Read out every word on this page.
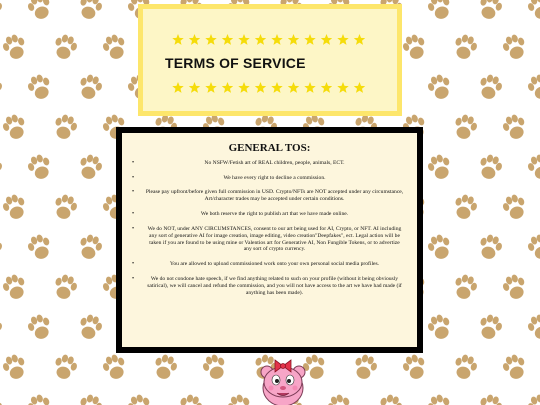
TERMS OF SERVICE
GENERAL TOS:
•	No NSFW/Fetish art of REAL children, people, animals, ECT.
•	We have every right to decline a commission.
• Please pay upfront/before given full commission in USD. Crypto/NFTs are NOT accepted under any circumstance, Art/character trades may be accepted under certain conditions.
•	We both reserve the right to publish art that we have made online.
• We do NOT, under ANY CIRCUMSTANCES, consent to our art being used for AI, Crypto, or NFT. AI including any sort of generative AI for image creation, image editing, video creation"Deepfakes", ect. Legal action will be taken if you are found to be using mine or Valentios art for Generative AI, Non Fungible Tokens, or to advertize any sort of crypto currency.
•	You are allowed to upload commissioned work onto your own personal social media profiles.
•	We do not condone hate speech, if we find anything related to such on your profile (without it being obviously satirical), we will cancel and refund the commission, and you will not have access to the art we have had made (if anything has been made).
